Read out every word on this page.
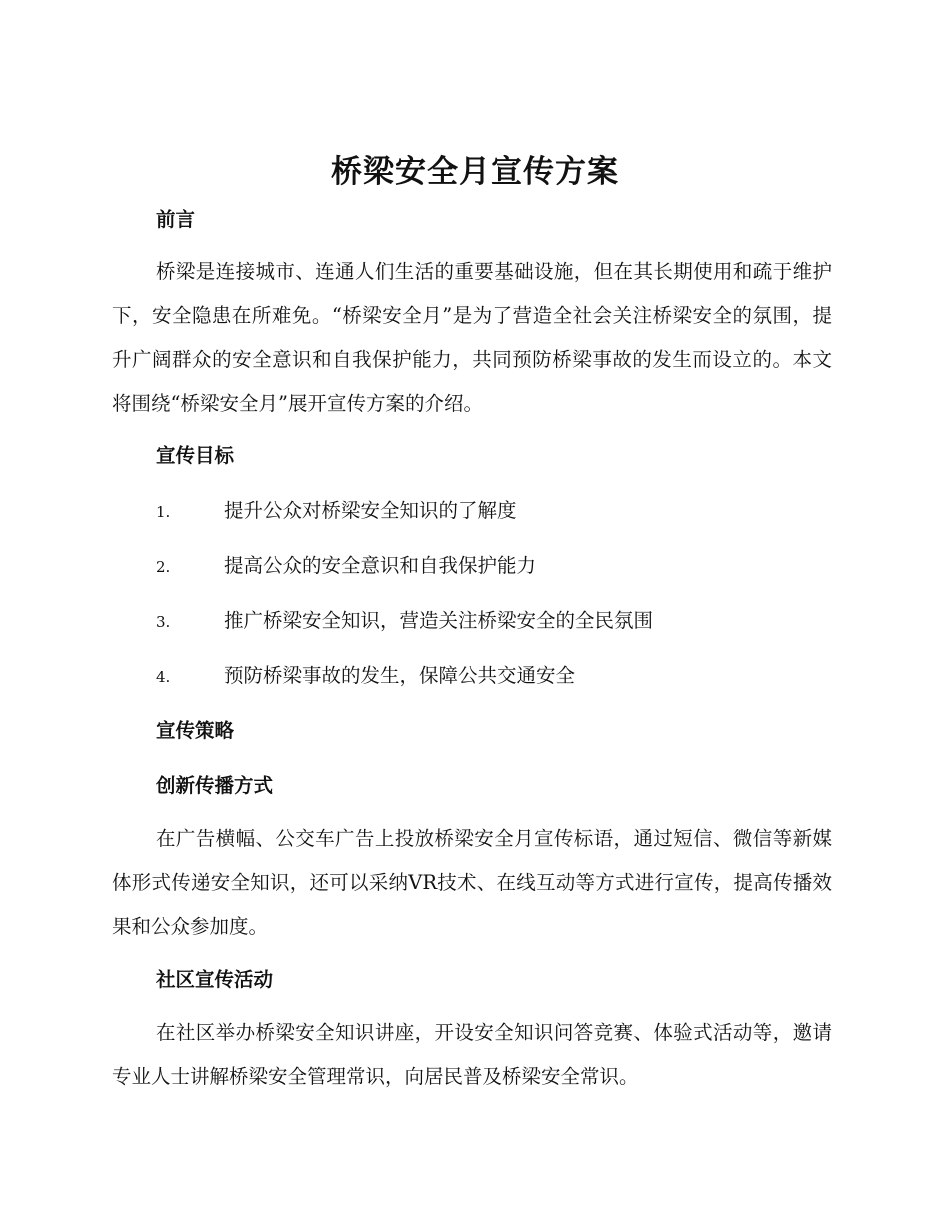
桥梁安全月宣传方案
前言

桥梁是连接城市、连通人们生活的重要基础设施，但在其长期使用和疏于维护下，安全隐患在所难免。“桥梁安全月”是为了营造全社会关注桥梁安全的氛围，提升广阔群众的安全意识和自我保护能力，共同预防桥梁事故的发生而设立的。本文将围绕“桥梁安全月”展开宣传方案的介绍。

宣传目标
1.	提升公众对桥梁安全知识的了解度
2.	提高公众的安全意识和自我保护能力
3.	推广桥梁安全知识，营造关注桥梁安全的全民氛围
4.	预防桥梁事故的发生，保障公共交通安全
宣传策略
创新传播方式

在广告横幅、公交车广告上投放桥梁安全月宣传标语，通过短信、微信等新媒体形式传递安全知识，还可以采纳VR技术、在线互动等方式进行宣传，提高传播效果和公众参加度。

社区宣传活动

在社区举办桥梁安全知识讲座，开设安全知识问答竞赛、体验式活动等，邀请专业人士讲解桥梁安全管理常识，向居民普及桥梁安全常识。
